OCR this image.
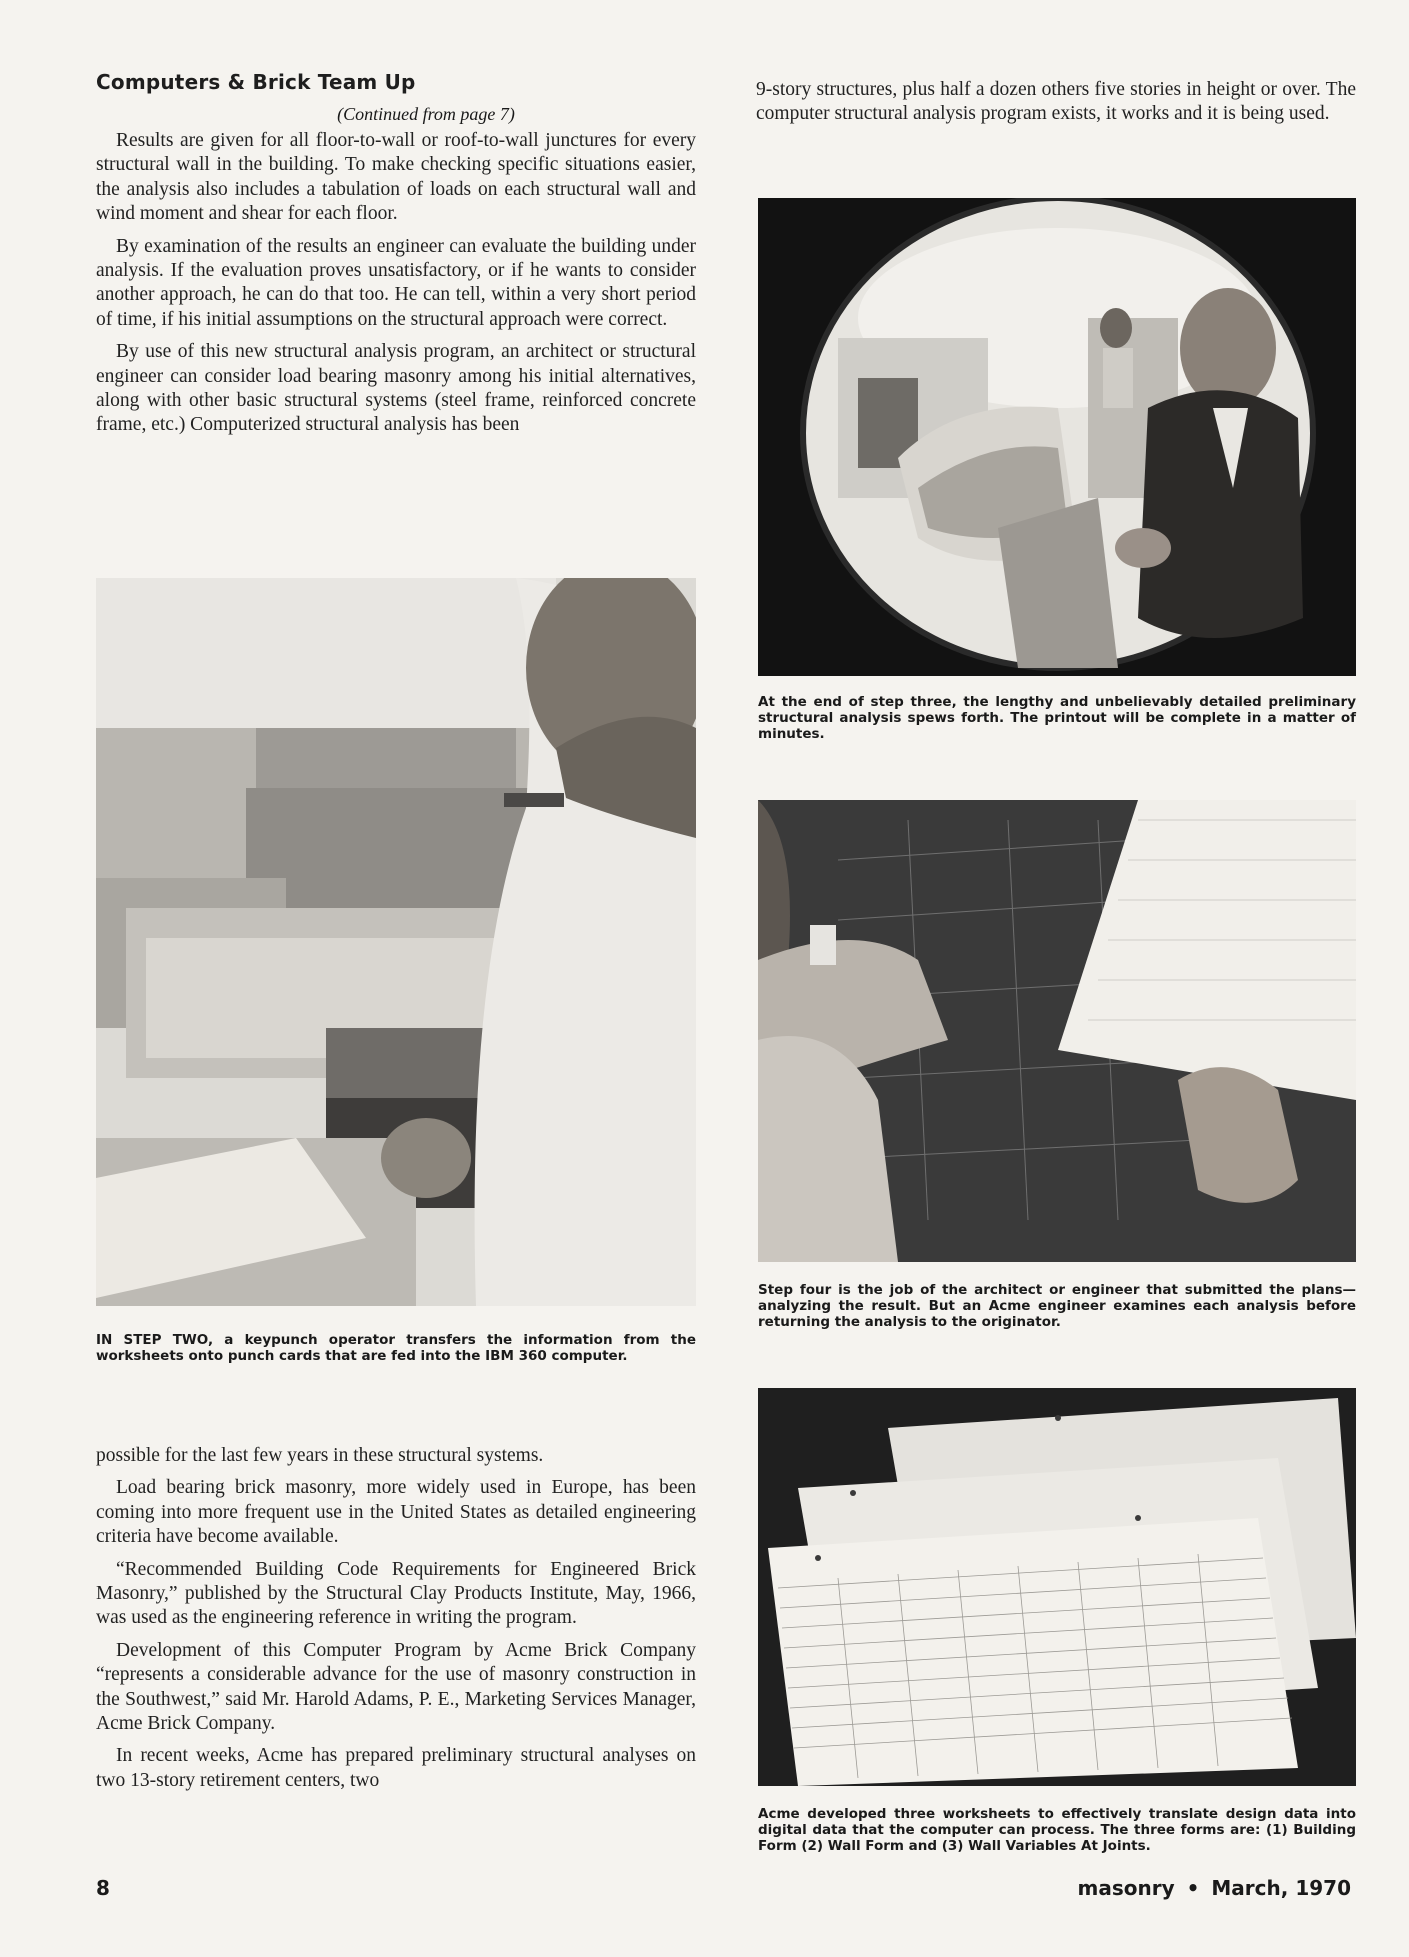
Computers & Brick Team Up
(Continued from page 7)

Results are given for all floor-to-wall or roof-to-wall junctures for every structural wall in the building. To make checking specific situations easier, the analysis also includes a tabulation of loads on each structural wall and wind moment and shear for each floor.

By examination of the results an engineer can evaluate the building under analysis. If the evaluation proves unsatisfactory, or if he wants to consider another approach, he can do that too. He can tell, within a very short period of time, if his initial assumptions on the structural approach were correct.

By use of this new structural analysis program, an architect or structural engineer can consider load bearing masonry among his initial alternatives, along with other basic structural systems (steel frame, reinforced concrete frame, etc.) Computerized structural analysis has been

IN STEP TWO, a keypunch operator transfers the information from the worksheets onto punch cards that are fed into the IBM 360 computer.

possible for the last few years in these structural systems.

Load bearing brick masonry, more widely used in Europe, has been coming into more frequent use in the United States as detailed engineering criteria have become available.

“Recommended Building Code Requirements for Engineered Brick Masonry,” published by the Structural Clay Products Institute, May, 1966, was used as the engineering reference in writing the program.

Development of this Computer Program by Acme Brick Company “represents a considerable advance for the use of masonry construction in the Southwest,” said Mr. Harold Adams, P. E., Marketing Services Manager, Acme Brick Company.

In recent weeks, Acme has prepared preliminary structural analyses on two 13-story retirement centers, two

9-story structures, plus half a dozen others five stories in height or over. The computer structural analysis program exists, it works and it is being used.

At the end of step three, the lengthy and unbelievably detailed preliminary structural analysis spews forth. The printout will be complete in a matter of minutes.
Step four is the job of the architect or engineer that submitted the plans—analyzing the result. But an Acme engineer examines each analysis before returning the analysis to the originator.
Acme developed three worksheets to effectively translate design data into digital data that the computer can process. The three forms are: (1) Building Form (2) Wall Form and (3) Wall Variables At Joints.
8	masonry • March, 1970
